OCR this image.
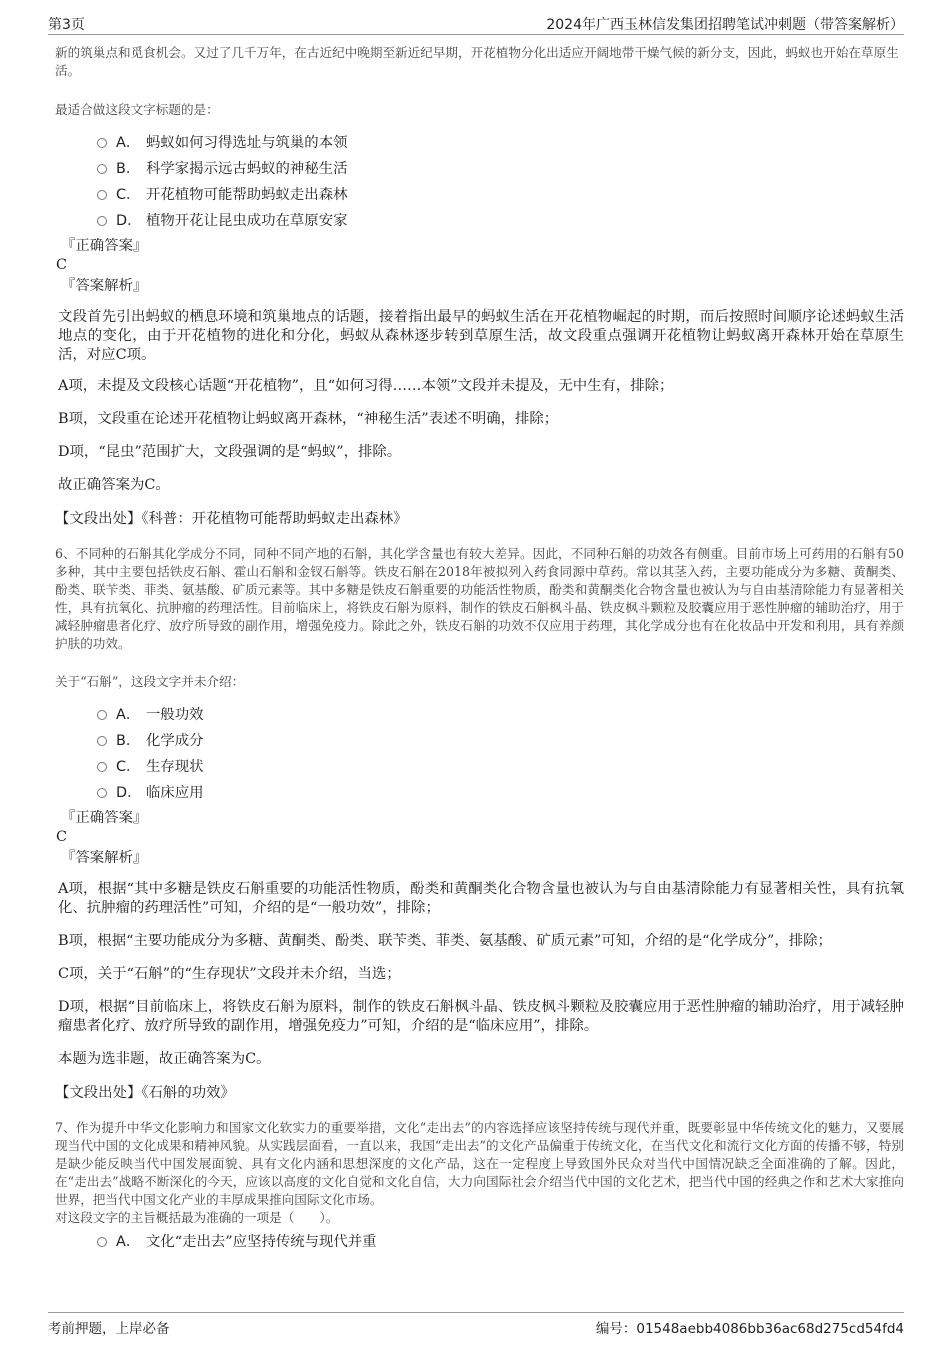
第3页	2024年广西玉林信发集团招聘笔试冲刺题（带答案解析）

新的筑巢点和觅食机会。又过了几千万年，在古近纪中晚期至新近纪早期，开花植物分化出适应开阔地带干燥气候的新分支，因此，蚂蚁也开始在草原生活。

最适合做这段文字标题的是：

A． 蚂蚁如何习得选址与筑巢的本领
B． 科学家揭示远古蚂蚁的神秘生活
C． 开花植物可能帮助蚂蚁走出森林
D． 植物开花让昆虫成功在草原安家

『正确答案』

C

『答案解析』

文段首先引出蚂蚁的栖息环境和筑巢地点的话题，接着指出最早的蚂蚁生活在开花植物崛起的时期，而后按照时间顺序论述蚂蚁生活地点的变化，由于开花植物的进化和分化，蚂蚁从森林逐步转到草原生活，故文段重点强调开花植物让蚂蚁离开森林开始在草原生活，对应C项。

A项，未提及文段核心话题“开花植物”，且“如何习得……本领”文段并未提及，无中生有，排除；

B项，文段重在论述开花植物让蚂蚁离开森林，“神秘生活”表述不明确，排除；

D项，“昆虫”范围扩大，文段强调的是“蚂蚁”，排除。

故正确答案为C。

【文段出处】《科普：开花植物可能帮助蚂蚁走出森林》

6、不同种的石斛其化学成分不同，同种不同产地的石斛，其化学含量也有较大差异。因此，不同种石斛的功效各有侧重。目前市场上可药用的石斛有50多种，其中主要包括铁皮石斛、霍山石斛和金钗石斛等。铁皮石斛在2018年被拟列入药食同源中草药。常以其茎入药，主要功能成分为多糖、黄酮类、酚类、联苄类、菲类、氨基酸、矿质元素等。其中多糖是铁皮石斛重要的功能活性物质，酚类和黄酮类化合物含量也被认为与自由基清除能力有显著相关性，具有抗氧化、抗肿瘤的药理活性。目前临床上，将铁皮石斛为原料，制作的铁皮石斛枫斗晶、铁皮枫斗颗粒及胶囊应用于恶性肿瘤的辅助治疗，用于减轻肿瘤患者化疗、放疗所导致的副作用，增强免疫力。除此之外，铁皮石斛的功效不仅应用于药理，其化学成分也有在化妆品中开发和利用，具有养颜护肤的功效。

关于“石斛”，这段文字并未介绍：

A． 一般功效
B． 化学成分
C． 生存现状
D． 临床应用

『正确答案』

C

『答案解析』

A项，根据“其中多糖是铁皮石斛重要的功能活性物质，酚类和黄酮类化合物含量也被认为与自由基清除能力有显著相关性，具有抗氧化、抗肿瘤的药理活性”可知，介绍的是“一般功效”，排除；

B项，根据“主要功能成分为多糖、黄酮类、酚类、联苄类、菲类、氨基酸、矿质元素”可知，介绍的是“化学成分”，排除；

C项，关于“石斛”的“生存现状”文段并未介绍，当选；

D项，根据“目前临床上，将铁皮石斛为原料，制作的铁皮石斛枫斗晶、铁皮枫斗颗粒及胶囊应用于恶性肿瘤的辅助治疗，用于减轻肿瘤患者化疗、放疗所导致的副作用，增强免疫力”可知，介绍的是“临床应用”，排除。

本题为选非题，故正确答案为C。

【文段出处】《石斛的功效》

7、作为提升中华文化影响力和国家文化软实力的重要举措，文化“走出去”的内容选择应该坚持传统与现代并重，既要彰显中华传统文化的魅力，又要展现当代中国的文化成果和精神风貌。从实践层面看，一直以来，我国“走出去”的文化产品偏重于传统文化，在当代文化和流行文化方面的传播不够，特别是缺少能反映当代中国发展面貌、具有文化内涵和思想深度的文化产品，这在一定程度上导致国外民众对当代中国情况缺乏全面准确的了解。因此，在“走出去”战略不断深化的今天，应该以高度的文化自觉和文化自信，大力向国际社会介绍当代中国的文化艺术，把当代中国的经典之作和艺术大家推向世界，把当代中国文化产业的丰厚成果推向国际文化市场。

对这段文字的主旨概括最为准确的一项是（　　）。

A． 文化“走出去”应坚持传统与现代并重
考前押题，上岸必备	编号：01548aebb4086bb36ac68d275cd54fd4
